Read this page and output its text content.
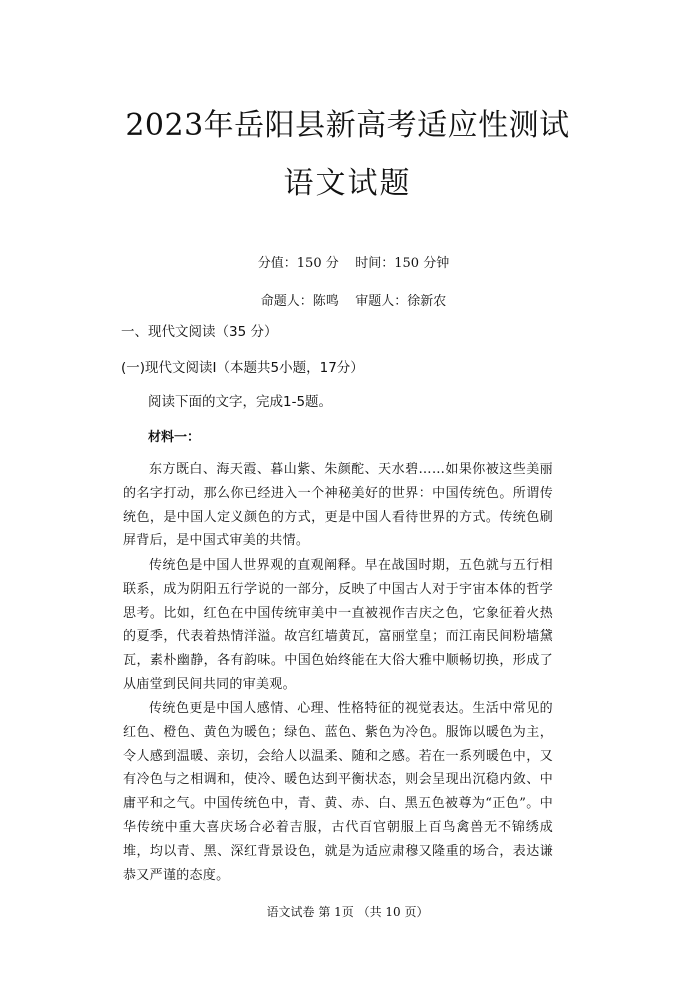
2023年岳阳县新高考适应性测试
语文试题

分值：150 分    时间：150 分钟

命题人：陈鸣    审题人：徐新农

一、现代文阅读（35 分）

(一)现代文阅读Ⅰ（本题共5小题，17分）

阅读下面的文字，完成1-5题。

材料一：

东方既白、海天霞、暮山紫、朱颜酡、天水碧……如果你被这些美丽的名字打动，那么你已经进入一个神秘美好的世界：中国传统色。所谓传统色，是中国人定义颜色的方式，更是中国人看待世界的方式。传统色刷屏背后，是中国式审美的共情。

传统色是中国人世界观的直观阐释。早在战国时期，五色就与五行相联系，成为阴阳五行学说的一部分，反映了中国古人对于宇宙本体的哲学思考。比如，红色在中国传统审美中一直被视作吉庆之色，它象征着火热的夏季，代表着热情洋溢。故宫红墙黄瓦，富丽堂皇；而江南民间粉墙黛瓦，素朴幽静，各有韵味。中国色始终能在大俗大雅中顺畅切换，形成了从庙堂到民间共同的审美观。

传统色更是中国人感情、心理、性格特征的视觉表达。生活中常见的红色、橙色、黄色为暖色；绿色、蓝色、紫色为冷色。服饰以暖色为主，令人感到温暖、亲切，会给人以温柔、随和之感。若在一系列暖色中，又有冷色与之相调和，使冷、暖色达到平衡状态，则会呈现出沉稳内敛、中庸平和之气。中国传统色中，青、黄、赤、白、黑五色被尊为“正色”。中华传统中重大喜庆场合必着吉服，古代百官朝服上百鸟禽兽无不锦绣成堆，均以青、黑、深红背景设色，就是为适应肃穆又隆重的场合，表达谦恭又严谨的态度。

语文试卷 第 1页 （共 10 页）
